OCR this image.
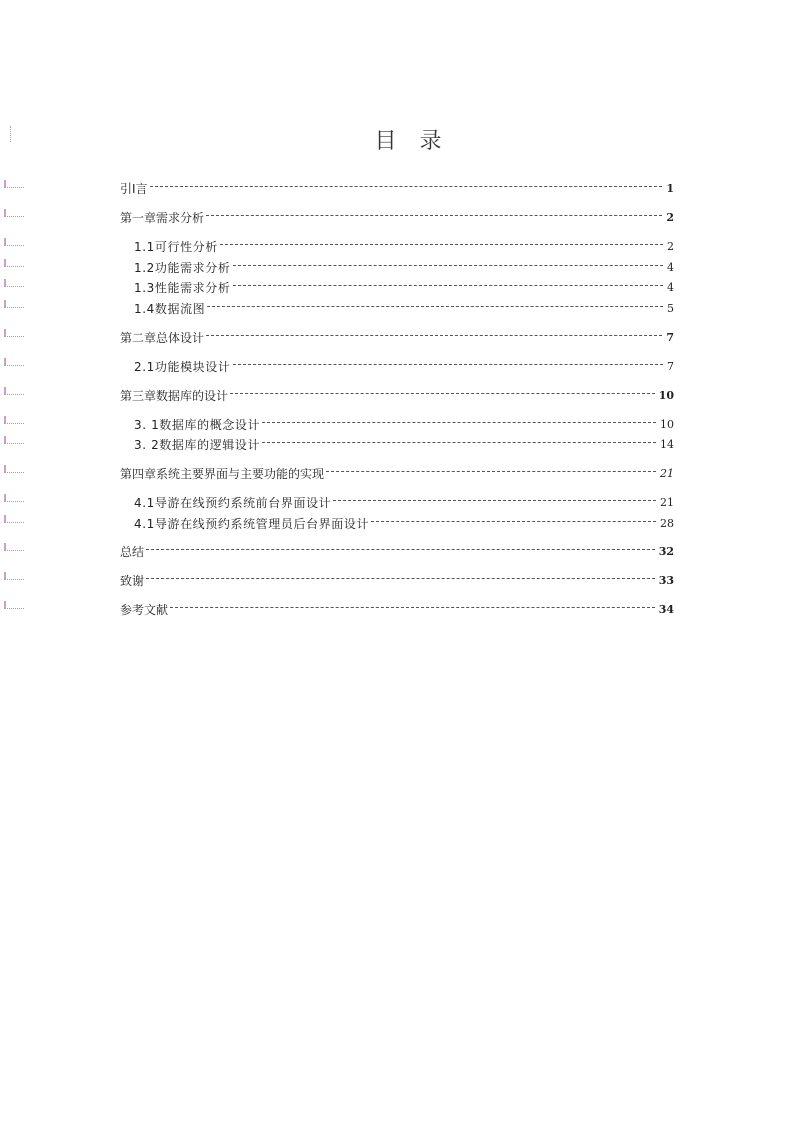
目 录
引I言	1
第一章需求分析	2
1.1可行性分析	2
1.2功能需求分析	4
1.3性能需求分析	4
1.4数据流图	5
第二章总体设计	7
2.1功能模块设计	7
第三章数据库的设计	10
3. 1数据库的概念设计	10
3. 2数据库的逻辑设计	14
第四章系统主要界面与主要功能的实现	21
4.1导游在线预约系统前台界面设计	21
4.1导游在线预约系统管理员后台界面设计	28
总结	32
致谢	33
参考文献	34
